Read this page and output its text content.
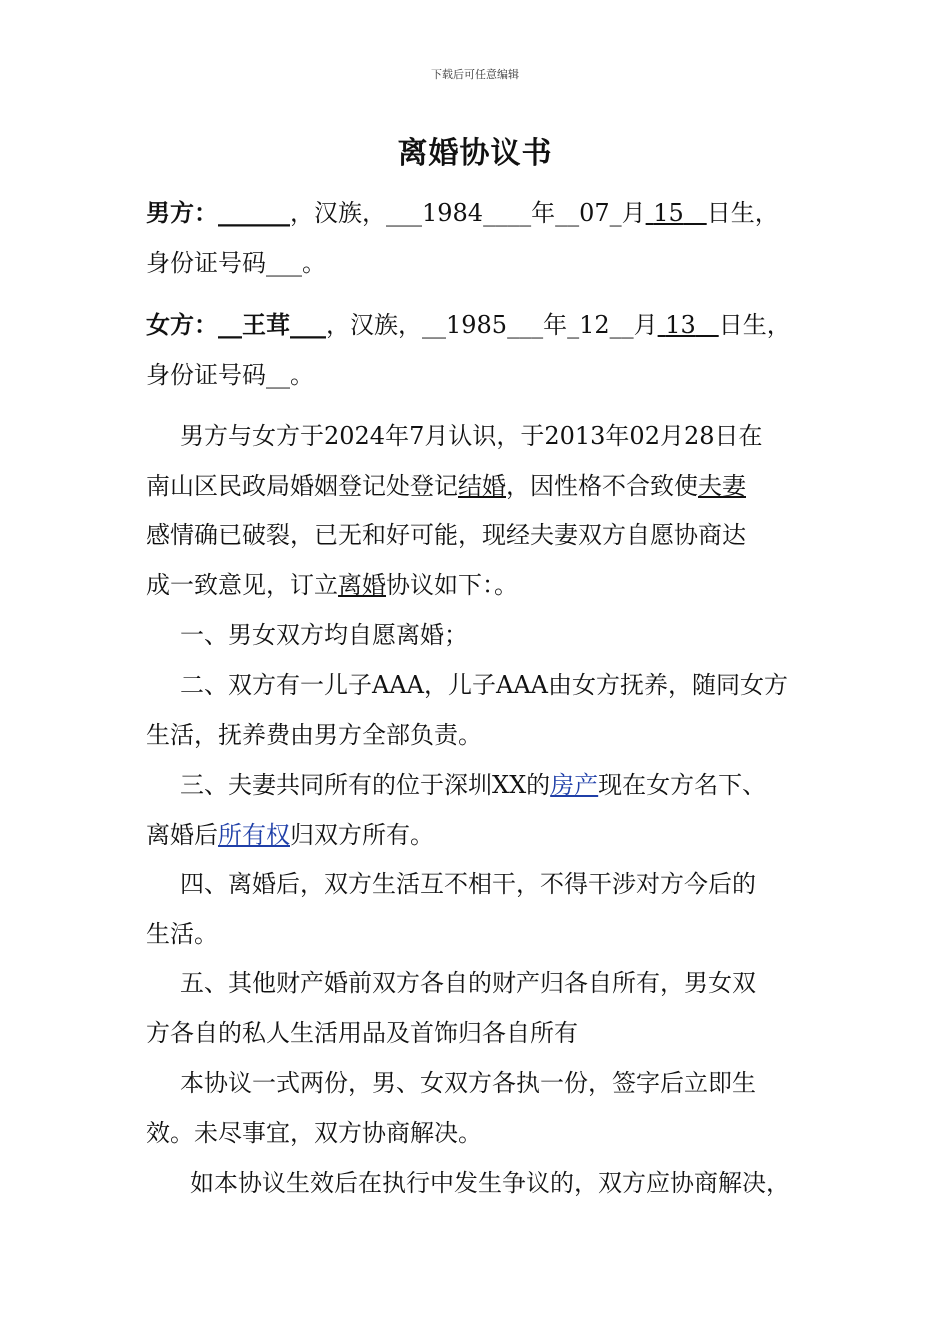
下载后可任意编辑
离婚协议书
男方：______，汉族，___1984____年__07_月 15 日生，
身份证号码___。
女方：__王茸___，汉族，__1985___年_12__月 13 日生，
身份证号码__。
男方与女方于2024年7月认识，于2013年02月28日在
南山区民政局婚姻登记处登记结婚，因性格不合致使夫妻
感情确已破裂，已无和好可能，现经夫妻双方自愿协商达
成一致意见，订立离婚协议如下：。
一、男女双方均自愿离婚；
二、双方有一儿子AAA，儿子AAA由女方抚养，随同女方
生活，抚养费由男方全部负责。
三、夫妻共同所有的位于深圳XX的房产现在女方名下、
离婚后所有权归双方所有。
四、离婚后，双方生活互不相干，不得干涉对方今后的
生活。
五、其他财产婚前双方各自的财产归各自所有，男女双
方各自的私人生活用品及首饰归各自所有
本协议一式两份，男、女双方各执一份，签字后立即生
效。未尽事宜，双方协商解决。
如本协议生效后在执行中发生争议的，双方应协商解决，
